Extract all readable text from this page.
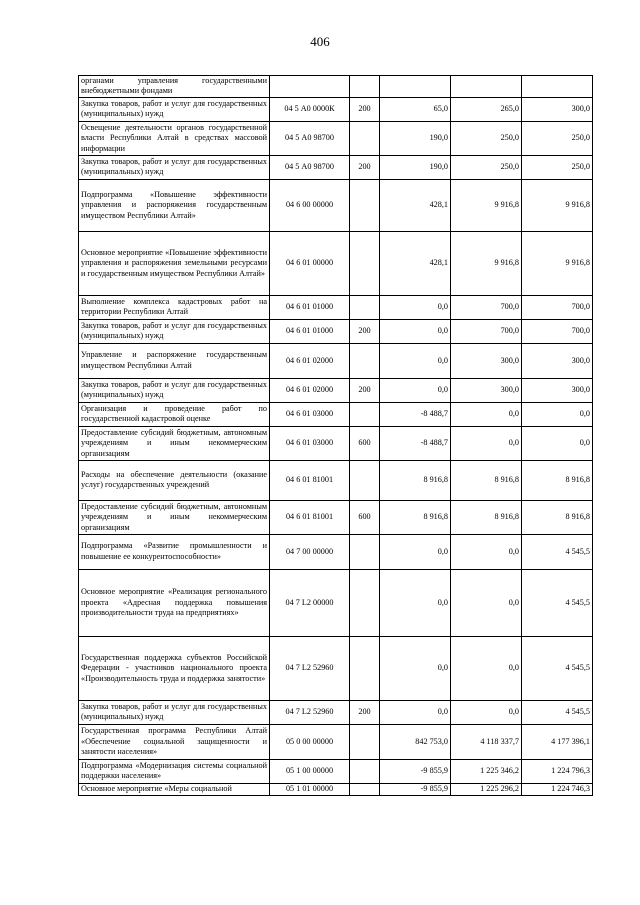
406
органами управления государственными внебюджетными фондами					
Закупка товаров, работ и услуг для государственных (муниципальных) нужд	04 5 А0 0000К	200	65,0	265,0	300,0
Освещение деятельности органов государственной власти Республики Алтай в средствах массовой информации	04 5 А0 98700		190,0	250,0	250,0
Закупка товаров, работ и услуг для государственных (муниципальных) нужд	04 5 А0 98700	200	190,0	250,0	250,0
Подпрограмма «Повышение эффективности управления и распоряжения государственным имуществом Республики Алтай»	04 6 00 00000		428,1	9 916,8	9 916,8
Основное мероприятие «Повышение эффективности управления и распоряжения земельными ресурсами и государственным имуществом Республики Алтай»	04 6 01 00000		428,1	9 916,8	9 916,8
Выполнение комплекса кадастровых работ на территории Республики Алтай	04 6 01 01000		0,0	700,0	700,0
Закупка товаров, работ и услуг для государственных (муниципальных) нужд	04 6 01 01000	200	0,0	700,0	700,0
Управление и распоряжение государственным имуществом Республики Алтай	04 6 01 02000		0,0	300,0	300,0
Закупка товаров, работ и услуг для государственных (муниципальных) нужд	04 6 01 02000	200	0,0	300,0	300,0
Организация и проведение работ по государственной кадастровой оценке	04 6 01 03000		-8 488,7	0,0	0,0
Предоставление субсидий бюджетным, автономным учреждениям и иным некоммерческим организациям	04 6 01 03000	600	-8 488,7	0,0	0,0
Расходы на обеспечение деятельности (оказание услуг) государственных учреждений	04 6 01 81001		8 916,8	8 916,8	8 916,8
Предоставление субсидий бюджетным, автономным учреждениям и иным некоммерческим организациям	04 6 01 81001	600	8 916,8	8 916,8	8 916,8
Подпрограмма «Развитие промышленности и повышение ее конкурентоспособности»	04 7 00 00000		0,0	0,0	4 545,5
Основное мероприятие «Реализация регионального проекта «Адресная поддержка повышения производительности труда на предприятиях»	04 7 L2 00000		0,0	0,0	4 545,5
Государственная поддержка субъектов Российской Федерации - участников национального проекта «Производительность труда и поддержка занятости»	04 7 L2 52960		0,0	0,0	4 545,5
Закупка товаров, работ и услуг для государственных (муниципальных) нужд	04 7 L2 52960	200	0,0	0,0	4 545,5
Государственная программа Республики Алтай «Обеспечение социальной защищенности и занятости населения»	05 0 00 00000		842 753,0	4 118 337,7	4 177 396,1
Подпрограмма «Модернизация системы социальной поддержки населения»	05 1 00 00000		-9 855,9	1 225 346,2	1 224 796,3
Основное мероприятие «Меры социальной	05 1 01 00000		-9 855,9	1 225 296,2	1 224 746,3
